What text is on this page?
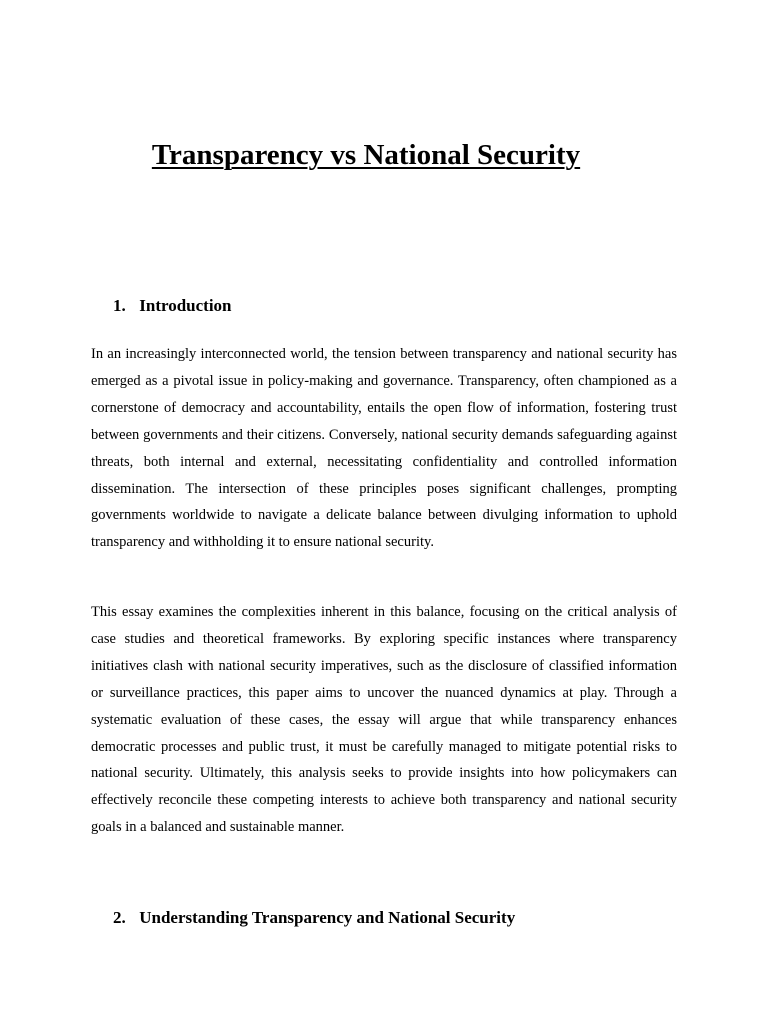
Transparency vs National Security
1. Introduction

In an increasingly interconnected world, the tension between transparency and national security has emerged as a pivotal issue in policy-making and governance. Transparency, often championed as a cornerstone of democracy and accountability, entails the open flow of information, fostering trust between governments and their citizens. Conversely, national security demands safeguarding against threats, both internal and external, necessitating confidentiality and controlled information dissemination. The intersection of these principles poses significant challenges, prompting governments worldwide to navigate a delicate balance between divulging information to uphold transparency and withholding it to ensure national security.

This essay examines the complexities inherent in this balance, focusing on the critical analysis of case studies and theoretical frameworks. By exploring specific instances where transparency initiatives clash with national security imperatives, such as the disclosure of classified information or surveillance practices, this paper aims to uncover the nuanced dynamics at play. Through a systematic evaluation of these cases, the essay will argue that while transparency enhances democratic processes and public trust, it must be carefully managed to mitigate potential risks to national security. Ultimately, this analysis seeks to provide insights into how policymakers can effectively reconcile these competing interests to achieve both transparency and national security goals in a balanced and sustainable manner.

2. Understanding Transparency and National Security
